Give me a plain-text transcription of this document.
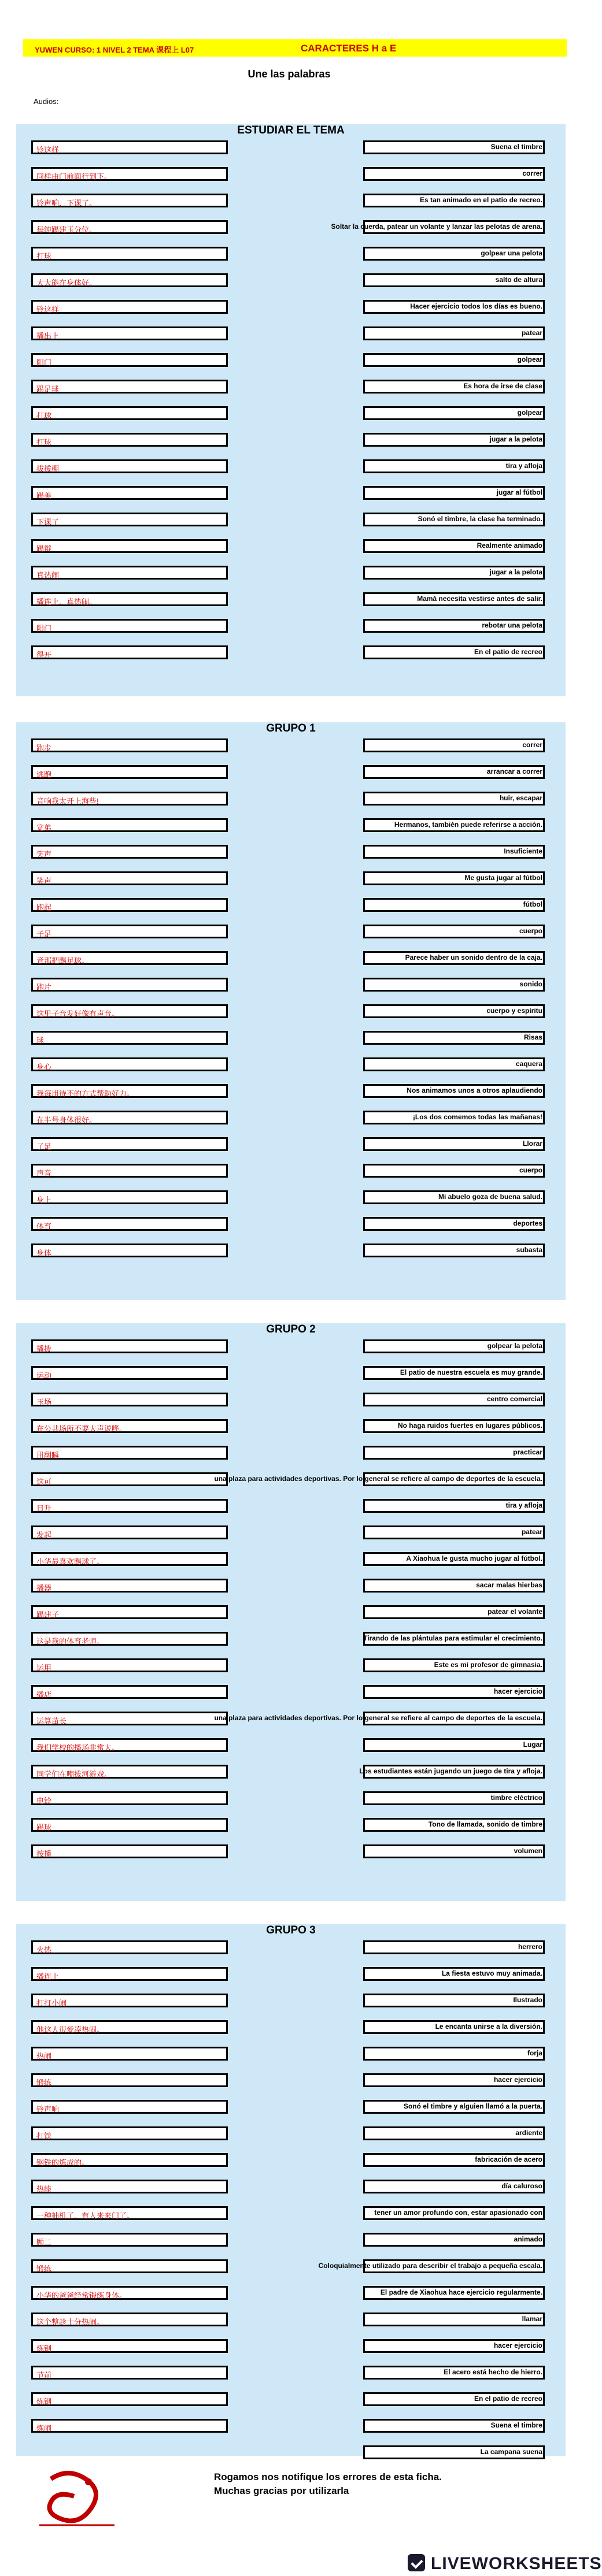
YUWEN CURSO: 1 NIVEL 2 TEMA 课程上 L07	CARACTERES H a E
Une las palabras
Audios:
ESTUDIAR EL TEMA
铃这样	Suena el timbre
同样由门前面行到下。	correr
铃声响，下课了。	Es tan animado en el patio de recreo.
每纯踢建玉分位。	Soltar la cuerda, patear un volante y lanzar las pelotas de arena.
打球	golpear una pelota
大大能在身体好。	salto de altura
铃这样	Hacer ejercicio todos los días es bueno.
播出上	patear
阳门	golpear
踢足球	Es hora de irse de clase
打球	golpear
打球	jugar a la pelota
拔拔棚	tira y afloja
踢美	jugar al fútbol
下课了	Sonó el timbre, la clase ha terminado.
踢辩	Realmente animado
真热闹	jugar a la pelota
播连上，真热闹。	Mamá necesita vestirse antes de salir.
阳门	rebotar una pelota
得开	En el patio de recreo
GRUPO 1
跑步	correr
逃跑	arrancar a correr
音响我太开上海些!	huir, escapar
宽弟	Hermanos, también puede referirse a acción.
笑声	Insuficiente
笑声	Me gusta jugar al fútbol
跑起	fútbol
子足	cuerpo
音那把踢足球。	Parece haber un sonido dentro de la caja.
跑片	sonido
这里子音发好像有声音。	cuerpo y espíritu
球	Risas
身心	caquera
我每用待不的方式帮助好力。	Nos animamos unos a otros aplaudiendo
在半号身体很好。	¡Los dos comemos todas las mañanas!
了足	Llorar
声音	cuerpo
身上	Mi abuelo goza de buena salud.
体育	deportes
身体	subasta
GRUPO 2
播拨	golpear la pelota
运动	El patio de nuestra escuela es muy grande.
玉场	centro comercial
在公共场所不要大声说哗。	No haga ruidos fuertes en lugares públicos.
用翻瞬	practicar
这可	una plaza para actividades deportivas. Por lo general se refiere al campo de deportes de la escuela.
目升	tira y afloja
发起	patear
小华最喜欢踢球了。	A Xiaohua le gusta mucho jugar al fútbol.
播器	sacar malas hierbas
踢建子	patear el volante
这是我的体育老师。	Tirando de las plántulas para estimular el crecimiento.
运用	Este es mi profesor de gimnasia.
播店	hacer ejercicio
运算苗长	una plaza para actividades deportivas. Por lo general se refiere al campo de deportes de la escuela.
我们学校的播场非常大。	Lugar
同学们在嘲拔河游戏。	Los estudiantes están jugando un juego de tira y afloja.
电铃	timbre eléctrico
踢球	Tono de llamada, sonido de timbre
按播	volumen
GRUPO 3
火热	herrero
播连上	La fiesta estuvo muy animada.
打打小闹	Ilustrado
他这人很爱凑热闹。	Le encanta unirse a la diversión.
热闹	forja
锻练	hacer ejercicio
铃声响	Sonó el timbre y alguien llamó a la puerta.
打铁	ardiente
钢铁的炼成的。	fabricación de acero
热能	día caluroso
一种抽机了，有人来来门了。	tener un amor profundo con, estar apasionado con
顾二	animado
锻练	Coloquialmente utilizado para describir el trabajo a pequeña escala.
小华的爸爸经常锻练身体。	El padre de Xiaohua hace ejercicio regularmente.
这个整趁十分热闹。	llamar
炼钢	hacer ejercicio
节前	El acero está hecho de hierro.
炼钢	En el patio de recreo
炼闹	Suena el timbre
La campana suena
Rogamos nos notifique los errores de esta ficha.
Muchas gracias por utilizarla
LIVEWORKSHEETS
